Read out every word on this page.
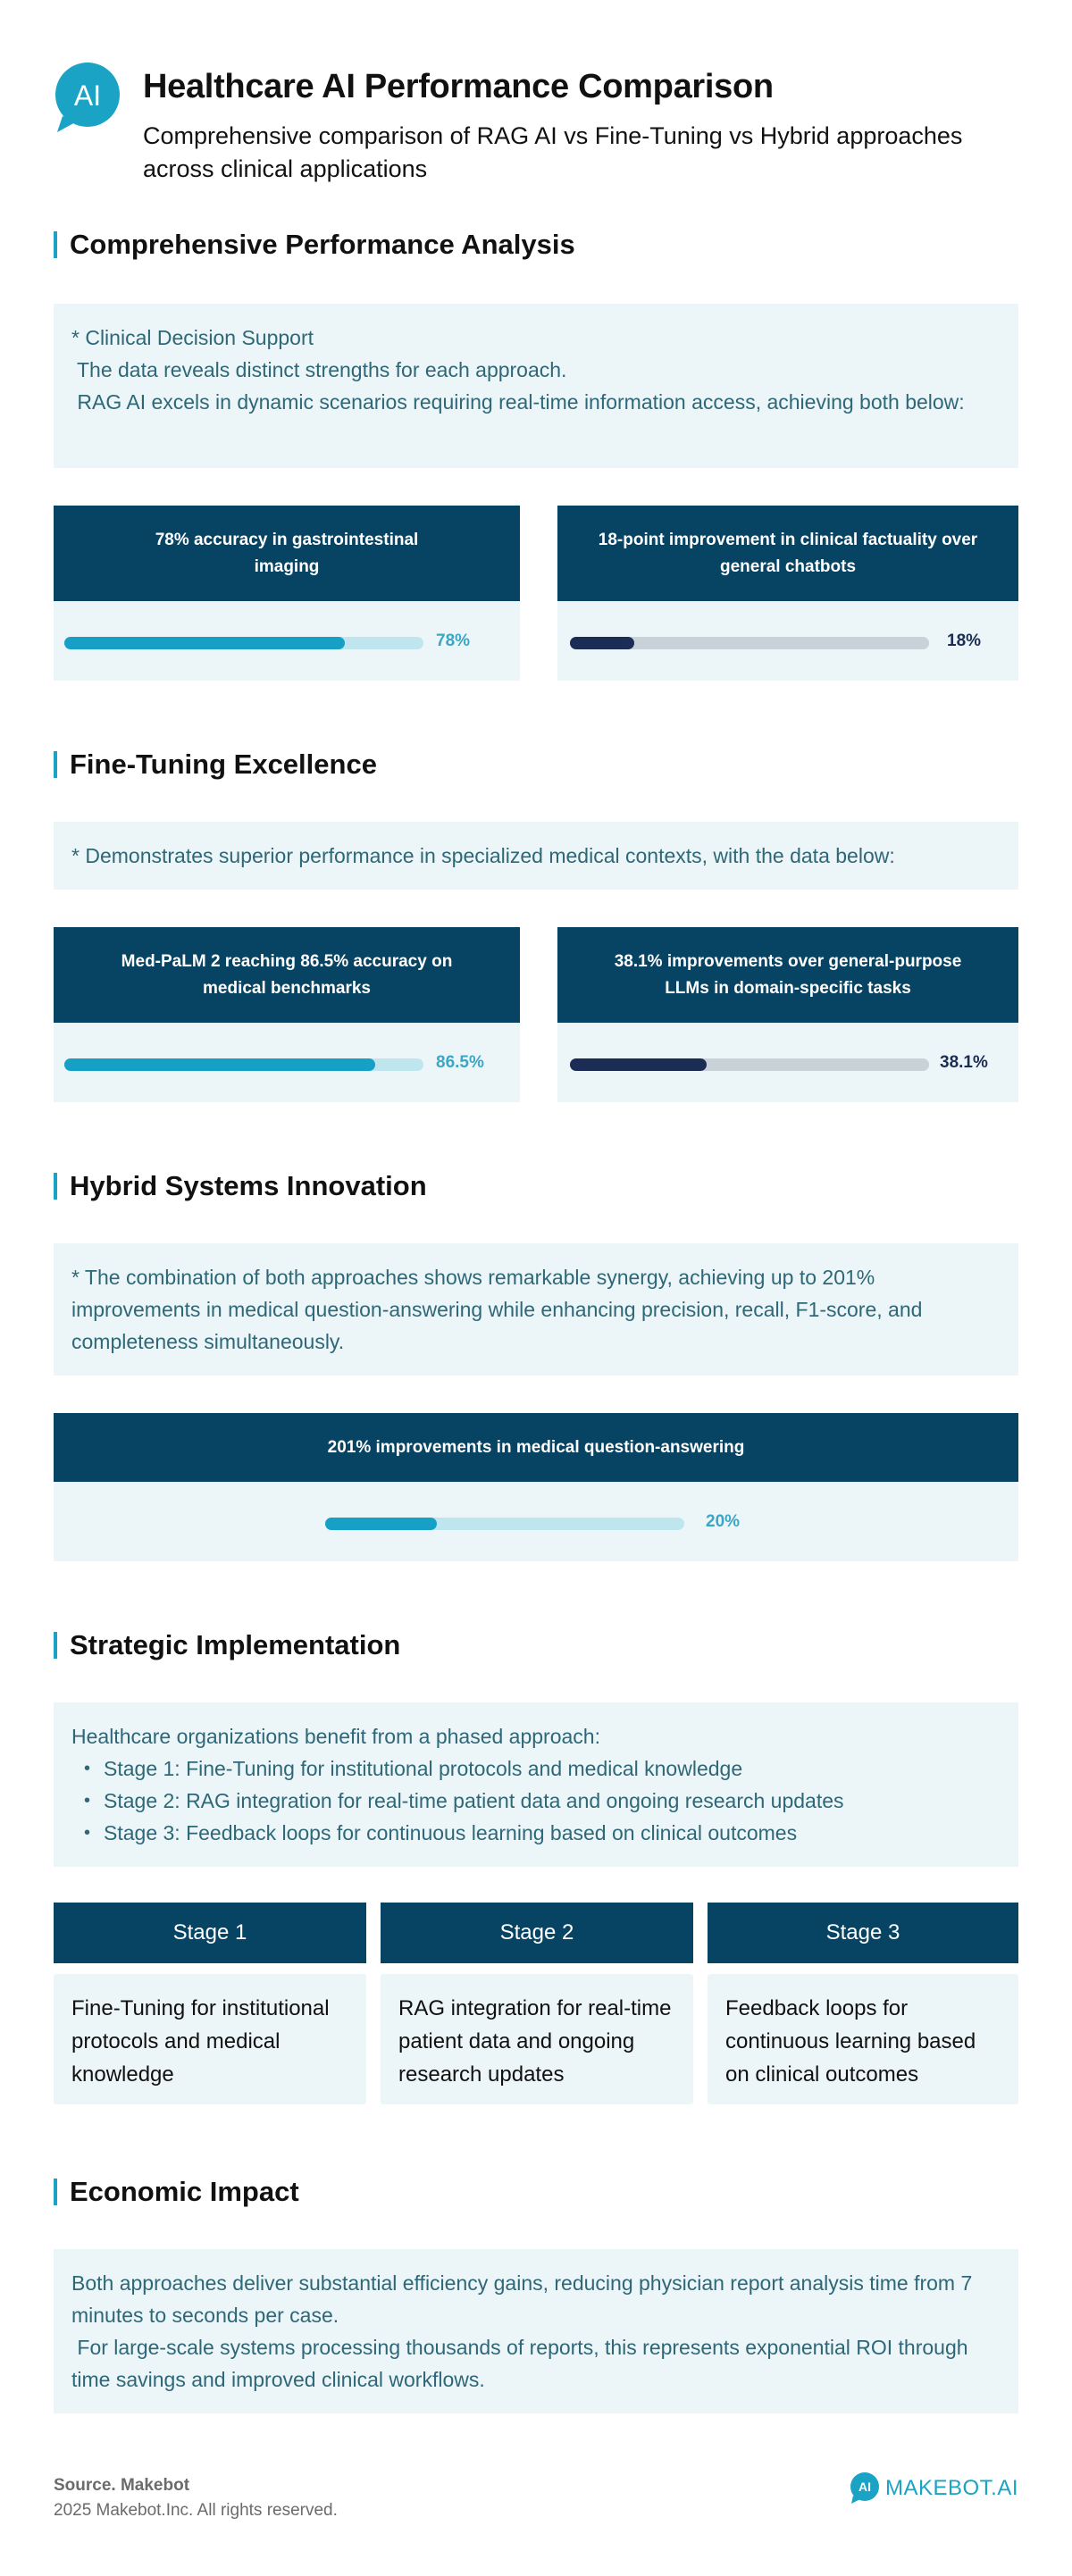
AI Healthcare AI Performance Comparison
Comprehensive comparison of RAG AI vs Fine-Tuning vs Hybrid approaches across clinical applications
Comprehensive Performance Analysis
* Clinical Decision Support
The data reveals distinct strengths for each approach.
RAG AI excels in dynamic scenarios requiring real-time information access, achieving both below:
78% accuracy in gastrointestinal imaging
78%
18-point improvement in clinical factuality over general chatbots
18%
Fine-Tuning Excellence
* Demonstrates superior performance in specialized medical contexts, with the data below:
Med-PaLM 2 reaching 86.5% accuracy on medical benchmarks
86.5%
38.1% improvements over general-purpose LLMs in domain-specific tasks
38.1%
Hybrid Systems Innovation
* The combination of both approaches shows remarkable synergy, achieving up to 201% improvements in medical question-answering while enhancing precision, recall, F1-score, and completeness simultaneously.
201% improvements in medical question-answering
20%
Strategic Implementation
Healthcare organizations benefit from a phased approach:
• Stage 1: Fine-Tuning for institutional protocols and medical knowledge
• Stage 2: RAG integration for real-time patient data and ongoing research updates
• Stage 3: Feedback loops for continuous learning based on clinical outcomes
Stage 1	Stage 2	Stage 3
Fine-Tuning for institutional protocols and medical knowledge
RAG integration for real-time patient data and ongoing research updates
Feedback loops for continuous learning based on clinical outcomes
Economic Impact
Both approaches deliver substantial efficiency gains, reducing physician report analysis time from 7 minutes to seconds per case.
For large-scale systems processing thousands of reports, this represents exponential ROI through time savings and improved clinical workflows.
Source. Makebot
2025 Makebot.Inc. All rights reserved.
AI MAKEBOT.AI
